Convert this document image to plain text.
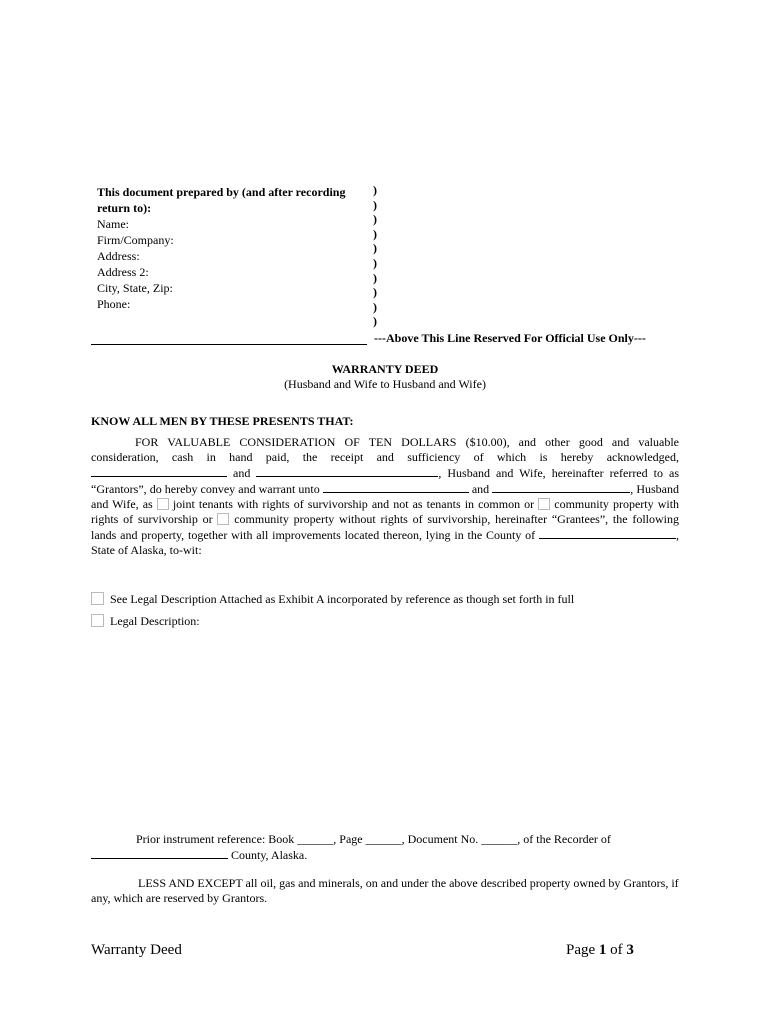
This document prepared by (and after recording
return to):
Name:
Firm/Company:
Address:
Address 2:
City, State, Zip:
Phone:
)
)
)
)
)
)
)
)
)
)
---Above This Line Reserved For Official Use Only---
WARRANTY DEED
(Husband and Wife to Husband and Wife)
KNOW ALL MEN BY THESE PRESENTS THAT:
FOR VALUABLE CONSIDERATION OF TEN DOLLARS ($10.00), and other good and valuable consideration, cash in hand paid, the receipt and sufficiency of which is hereby acknowledged,  and	, Husband and Wife, hereinafter referred to as “Grantors”, do hereby convey and warrant unto	and	, Husband and Wife, as joint tenants with rights of survivorship and not as tenants in common or community property with rights of survivorship or community property without rights of survivorship, hereinafter “Grantees”, the following lands and property, together with all improvements located thereon, lying in the County of	, State of Alaska, to-wit:
See Legal Description Attached as Exhibit A incorporated by reference as though set forth in full
Legal Description:
Prior instrument reference: Book ______, Page ______, Document No. ______, of the Recorder of
County, Alaska.
LESS AND EXCEPT all oil, gas and minerals, on and under the above described property owned by Grantors, if any, which are reserved by Grantors.
Warranty Deed	Page 1 of 3
